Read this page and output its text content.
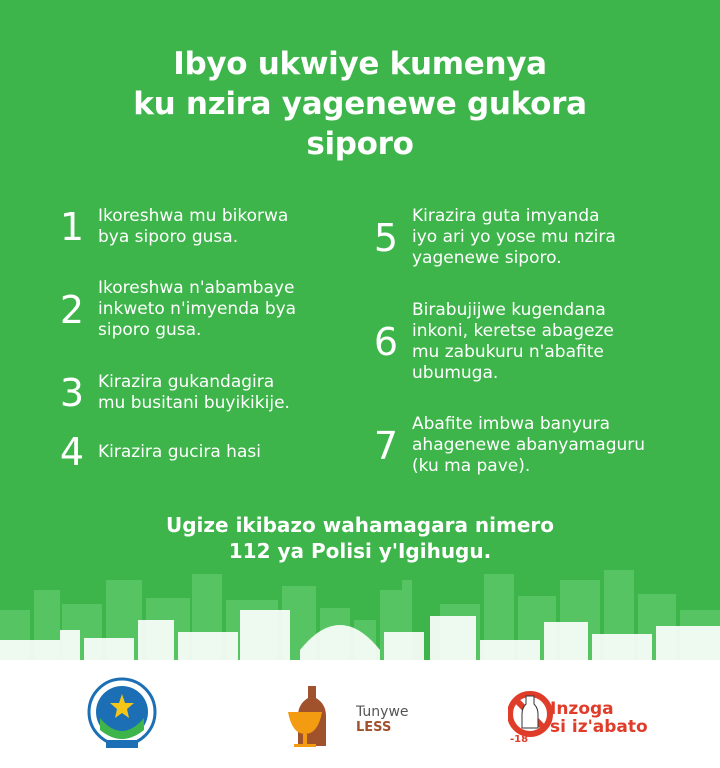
Ibyo ukwiye kumenya
ku nzira yagenewe gukora
siporo
1 Ikoreshwa mu bikorwa
bya siporo gusa.
2 Ikoreshwa n'abambaye
inkweto n'imyenda bya
siporo gusa.
3 Kirazira gukandagira
mu busitani buyikikije.
4 Kirazira gucira hasi
5 Kirazira guta imyanda
iyo ari yo yose mu nzira
yagenewe siporo.
6
Birabujijwe kugendana
inkoni, keretse abageze
mu zabukuru n'abafite
ubumuga.
7 Abafite imbwa banyura
ahagenewe abanyamaguru
(ku ma pave).
Ugize ikibazo wahamagara nimero
112 ya Polisi y'Igihugu.
Tunywe
LESS
-18
Inzoga
si iz'abato
